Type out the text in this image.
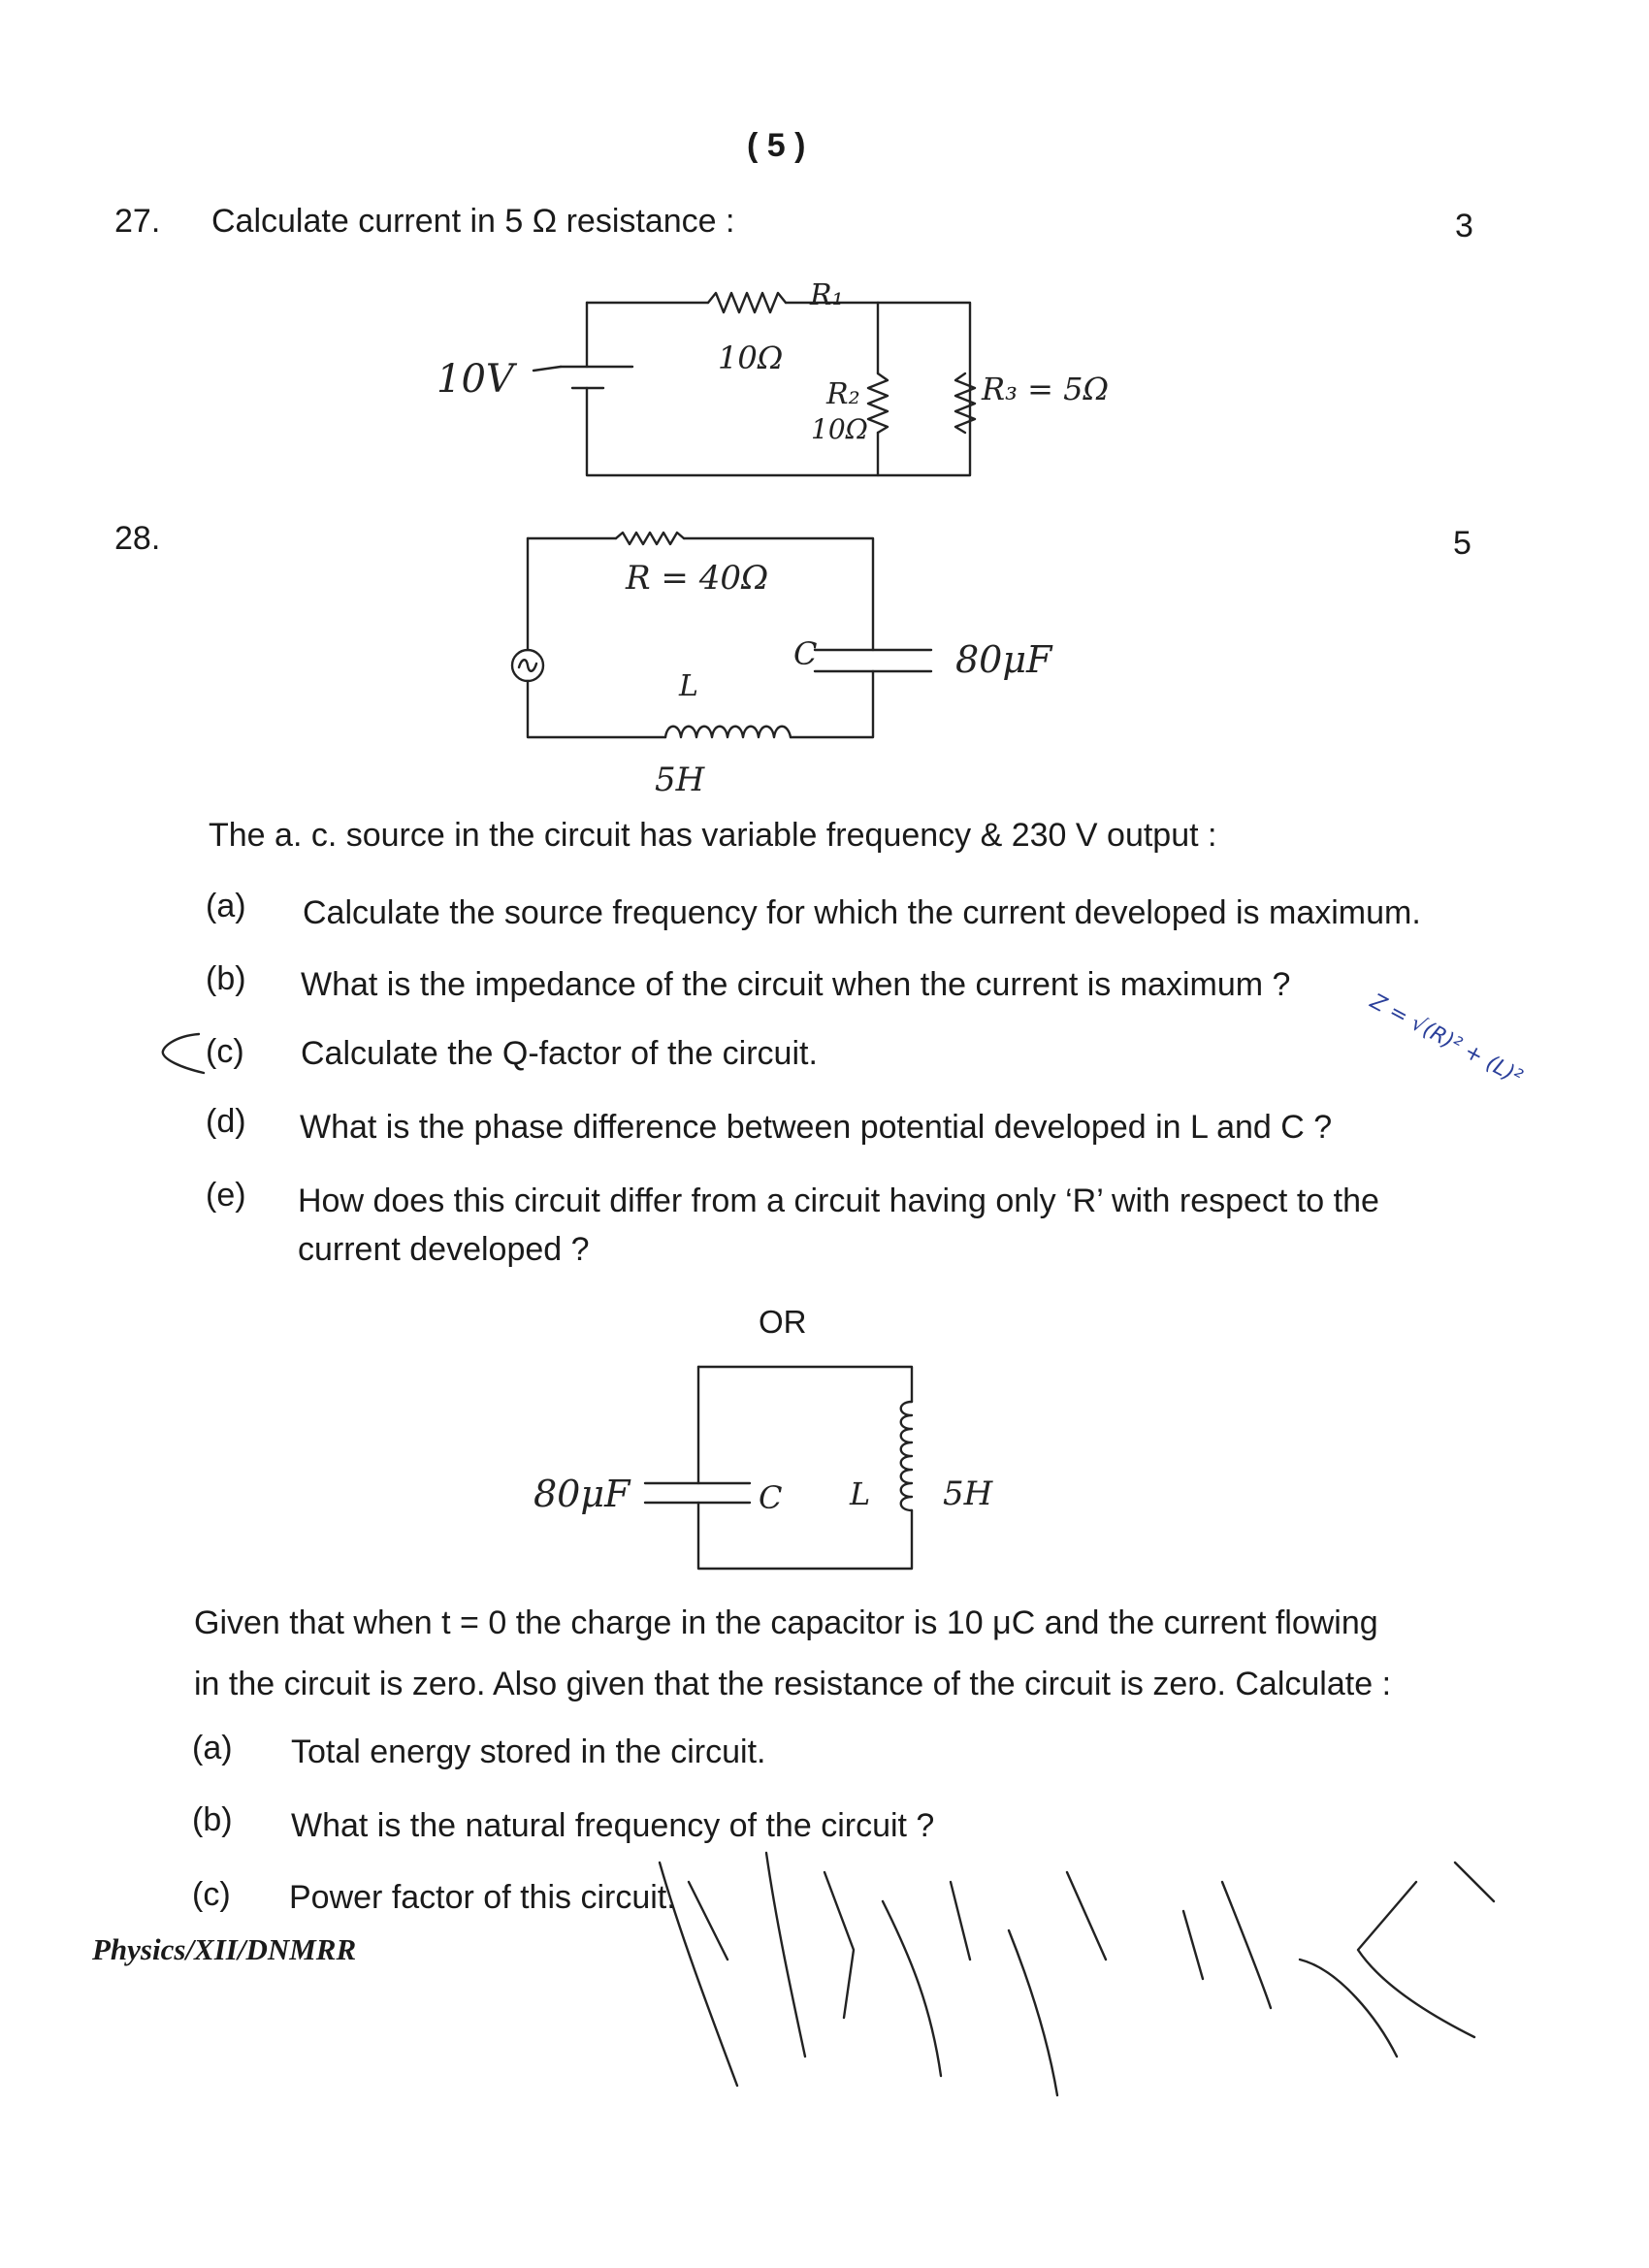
( 5 )
27. Calculate current in 5 Ω resistance :	3
10V
R₁
10Ω
R₂
10Ω
R₃ = 5Ω
28.	5
R = 40Ω
C	80μF
L
5H
The a. c. source in the circuit has variable frequency & 230 V output :
(a) Calculate the source frequency for which the current developed is maximum.
(b) What is the impedance of the circuit when the current is maximum ?
(c) Calculate the Q-factor of the circuit.
(d) What is the phase difference between potential developed in L and C ?
(e) How does this circuit differ from a circuit having only ‘R’ with respect to the
current developed ?
OR
80μF	C L 5H
Given that when t = 0 the charge in the capacitor is 10 μC and the current flowing
in the circuit is zero. Also given that the resistance of the circuit is zero. Calculate :
(a) Total energy stored in the circuit.
(b) What is the natural frequency of the circuit ?
(c) Power factor of this circuit.
Physics/XII/DNMRR
Z = √(R)² + (L)²
